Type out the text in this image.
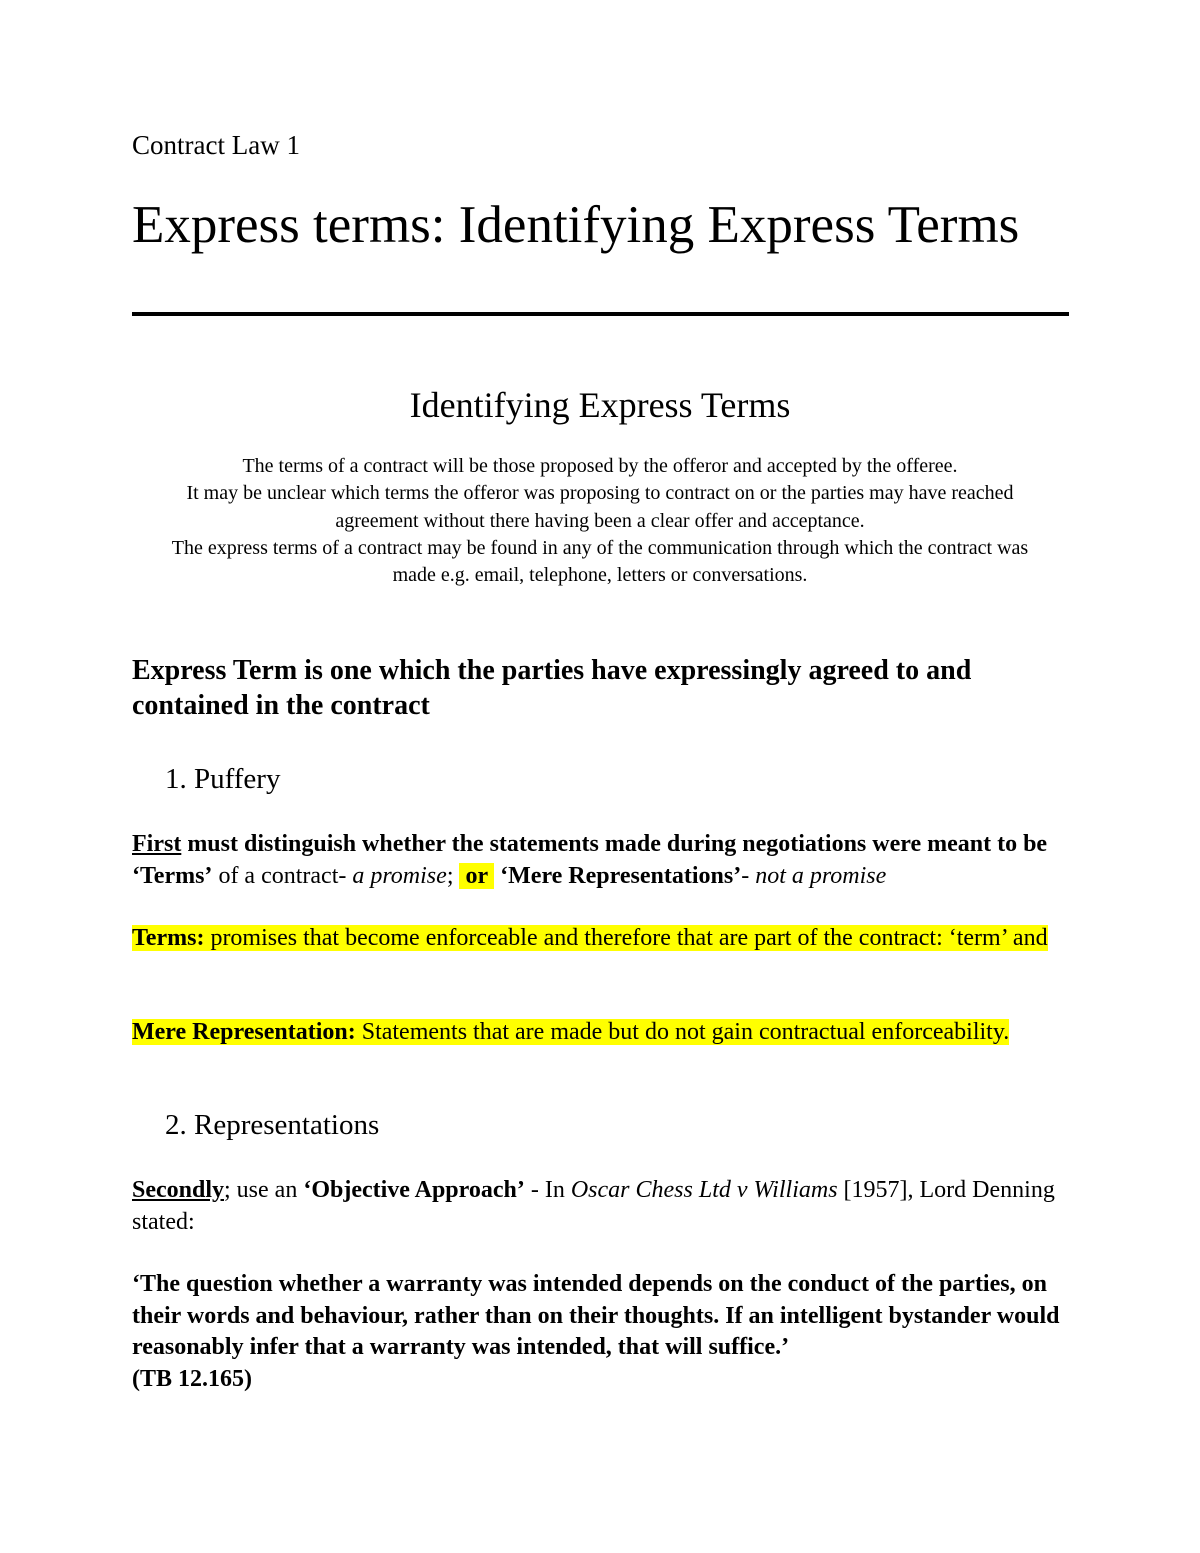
Contract Law 1
Express terms: Identifying Express Terms
Identifying Express Terms
The terms of a contract will be those proposed by the offeror and accepted by the offeree.
It may be unclear which terms the offeror was proposing to contract on or the parties may have reached agreement without there having been a clear offer and acceptance.
The express terms of a contract may be found in any of the communication through which the contract was made e.g. email, telephone, letters or conversations.
Express Term is one which the parties have expressingly agreed to and contained in the contract
1. Puffery

First must distinguish whether the statements made during negotiations were meant to be ‘Terms’ of a contract- a promise; or ‘Mere Representations’- not a promise

Terms: promises that become enforceable and therefore that are part of the contract: ‘term’ and

Mere Representation: Statements that are made but do not gain contractual enforceability.

2. Representations

Secondly; use an ‘Objective Approach’ - In Oscar Chess Ltd v Williams [1957], Lord Denning stated:

‘The question whether a warranty was intended depends on the conduct of the parties, on their words and behaviour, rather than on their thoughts. If an intelligent bystander would reasonably infer that a warranty was intended, that will suffice.’
(TB 12.165)
